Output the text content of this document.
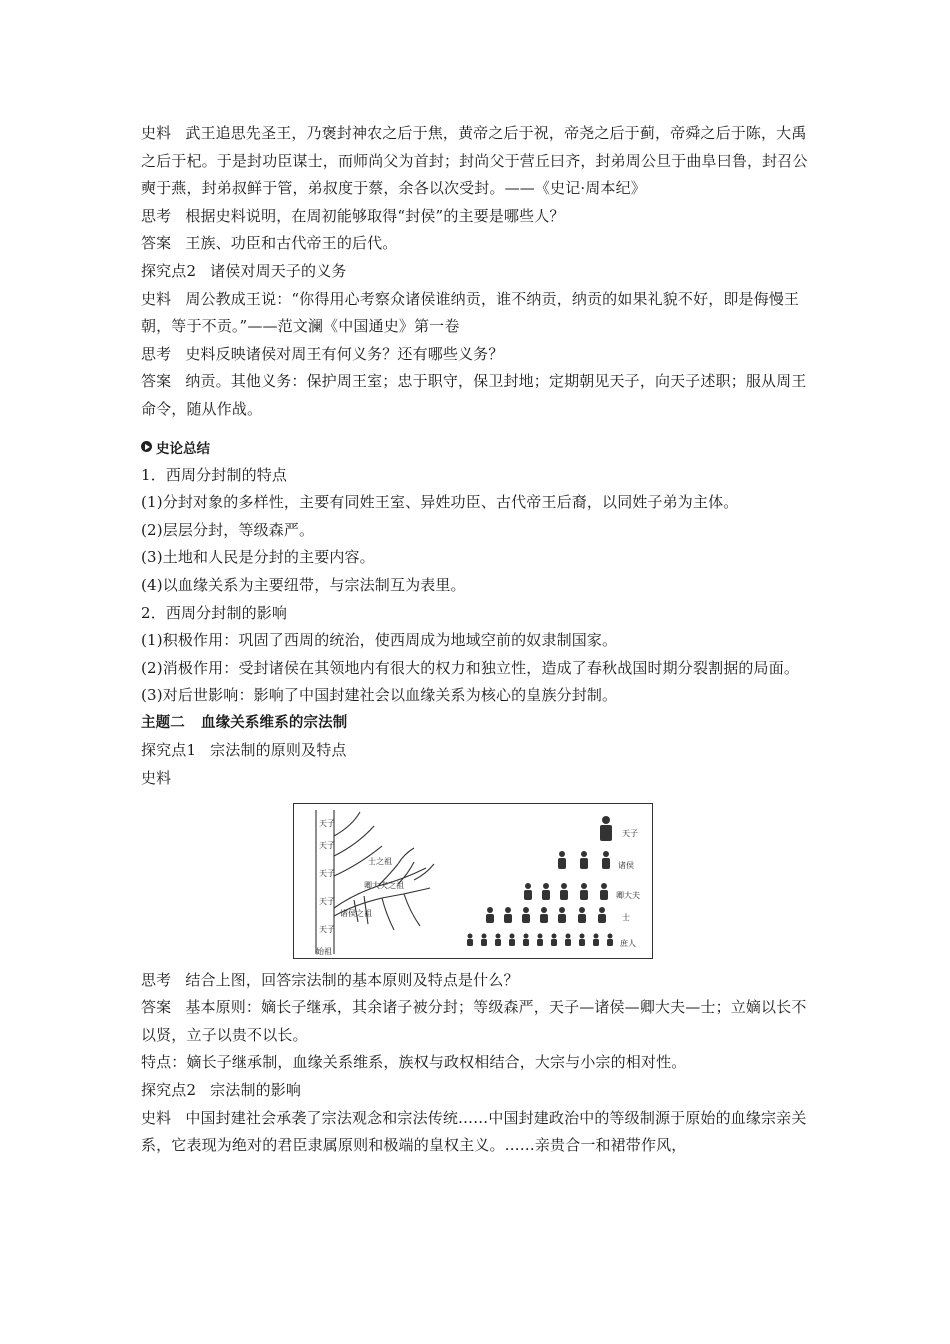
史料 武王追思先圣王，乃褒封神农之后于焦，黄帝之后于祝，帝尧之后于蓟，帝舜之后于陈，大禹之后于杞。于是封功臣谋士，而师尚父为首封；封尚父于营丘曰齐，封弟周公旦于曲阜曰鲁，封召公奭于燕，封弟叔鲜于管，弟叔度于蔡，余各以次受封。——《史记·周本纪》

思考 根据史料说明，在周初能够取得“封侯”的主要是哪些人？

答案 王族、功臣和古代帝王的后代。

探究点2 诸侯对周天子的义务

史料 周公教成王说：“你得用心考察众诸侯谁纳贡，谁不纳贡，纳贡的如果礼貌不好，即是侮慢王朝，等于不贡。”——范文澜《中国通史》第一卷

思考 史料反映诸侯对周王有何义务？还有哪些义务？

答案 纳贡。其他义务：保护周王室；忠于职守，保卫封地；定期朝见天子，向天子述职；服从周王命令，随从作战。

史论总结

1．西周分封制的特点

(1)分封对象的多样性，主要有同姓王室、异姓功臣、古代帝王后裔，以同姓子弟为主体。

(2)层层分封，等级森严。

(3)土地和人民是分封的主要内容。

(4)以血缘关系为主要纽带，与宗法制互为表里。

2．西周分封制的影响

(1)积极作用：巩固了西周的统治，使西周成为地域空前的奴隶制国家。

(2)消极作用：受封诸侯在其领地内有很大的权力和独立性，造成了春秋战国时期分裂割据的局面。

(3)对后世影响：影响了中国封建社会以血缘关系为核心的皇族分封制。

主题二 血缘关系维系的宗法制

探究点1 宗法制的原则及特点

史料

天子
天子
天子
天子
天子
始祖
诸侯之祖
卿大夫之祖
士之祖
天子
诸侯
卿大夫
士
庶人

思考 结合上图，回答宗法制的基本原则及特点是什么？

答案 基本原则：嫡长子继承，其余诸子被分封；等级森严，天子—诸侯—卿大夫—士；立嫡以长不以贤，立子以贵不以长。

特点：嫡长子继承制，血缘关系维系，族权与政权相结合，大宗与小宗的相对性。

探究点2 宗法制的影响

史料 中国封建社会承袭了宗法观念和宗法传统……中国封建政治中的等级制源于原始的血缘宗亲关系，它表现为绝对的君臣隶属原则和极端的皇权主义。……亲贵合一和裙带作风，
